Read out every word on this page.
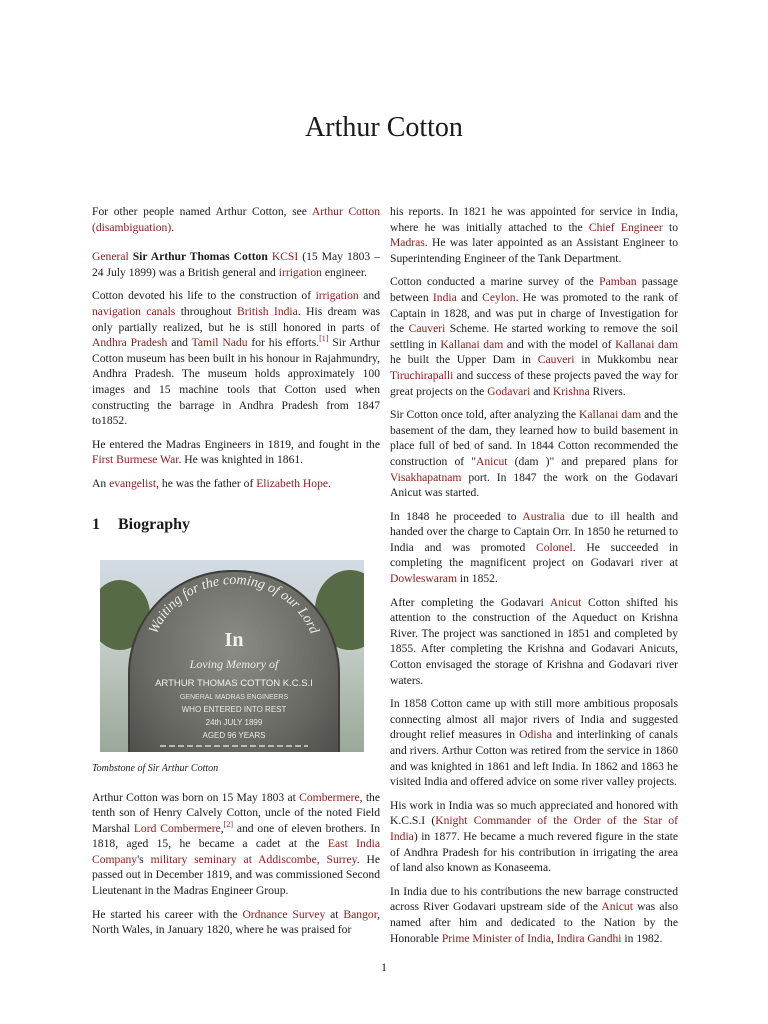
Arthur Cotton

For other people named Arthur Cotton, see Arthur Cotton (disambiguation).

General Sir Arthur Thomas Cotton KCSI (15 May 1803 – 24 July 1899) was a British general and irrigation engineer.

Cotton devoted his life to the construction of irrigation and navigation canals throughout British India. His dream was only partially realized, but he is still honored in parts of Andhra Pradesh and Tamil Nadu for his efforts.[1] Sir Arthur Cotton museum has been built in his honour in Rajahmundry, Andhra Pradesh. The museum holds approximately 100 images and 15 machine tools that Cotton used when constructing the barrage in Andhra Pradesh from 1847 to1852.

He entered the Madras Engineers in 1819, and fought in the First Burmese War. He was knighted in 1861.

An evangelist, he was the father of Elizabeth Hope.

1 Biography
Waiting for the coming of our Lord
In
Loving Memory of
ARTHUR THOMAS COTTON K.C.S.I
GENERAL MADRAS ENGINEERS
WHO ENTERED INTO REST
24th JULY 1899
AGED 96 YEARS
Tombstone of Sir Arthur Cotton

Arthur Cotton was born on 15 May 1803 at Combermere, the tenth son of Henry Calvely Cotton, uncle of the noted Field Marshal Lord Combermere,[2] and one of eleven brothers. In 1818, aged 15, he became a cadet at the East India Company's military seminary at Addiscombe, Surrey. He passed out in December 1819, and was commissioned Second Lieutenant in the Madras Engineer Group.

He started his career with the Ordnance Survey at Bangor, North Wales, in January 1820, where he was praised for

his reports. In 1821 he was appointed for service in India, where he was initially attached to the Chief Engineer to Madras. He was later appointed as an Assistant Engineer to Superintending Engineer of the Tank Department.

Cotton conducted a marine survey of the Pamban passage between India and Ceylon. He was promoted to the rank of Captain in 1828, and was put in charge of Investigation for the Cauveri Scheme. He started working to remove the soil settling in Kallanai dam and with the model of Kallanai dam he built the Upper Dam in Cauveri in Mukkombu near Tiruchirapalli and success of these projects paved the way for great projects on the Godavari and Krishna Rivers.

Sir Cotton once told, after analyzing the Kallanai dam and the basement of the dam, they learned how to build basement in place full of bed of sand. In 1844 Cotton recommended the construction of "Anicut (dam )" and prepared plans for Visakhapatnam port. In 1847 the work on the Godavari Anicut was started.

In 1848 he proceeded to Australia due to ill health and handed over the charge to Captain Orr. In 1850 he returned to India and was promoted Colonel. He succeeded in completing the magnificent project on Godavari river at Dowleswaram in 1852.

After completing the Godavari Anicut Cotton shifted his attention to the construction of the Aqueduct on Krishna River. The project was sanctioned in 1851 and completed by 1855. After completing the Krishna and Godavari Anicuts, Cotton envisaged the storage of Krishna and Godavari river waters.

In 1858 Cotton came up with still more ambitious proposals connecting almost all major rivers of India and suggested drought relief measures in Odisha and interlinking of canals and rivers. Arthur Cotton was retired from the service in 1860 and was knighted in 1861 and left India. In 1862 and 1863 he visited India and offered advice on some river valley projects.

His work in India was so much appreciated and honored with K.C.S.I (Knight Commander of the Order of the Star of India) in 1877. He became a much revered figure in the state of Andhra Pradesh for his contribution in irrigating the area of land also known as Konaseema.

In India due to his contributions the new barrage constructed across River Godavari upstream side of the Anicut was also named after him and dedicated to the Nation by the Honorable Prime Minister of India, Indira Gandhi in 1982.

1
